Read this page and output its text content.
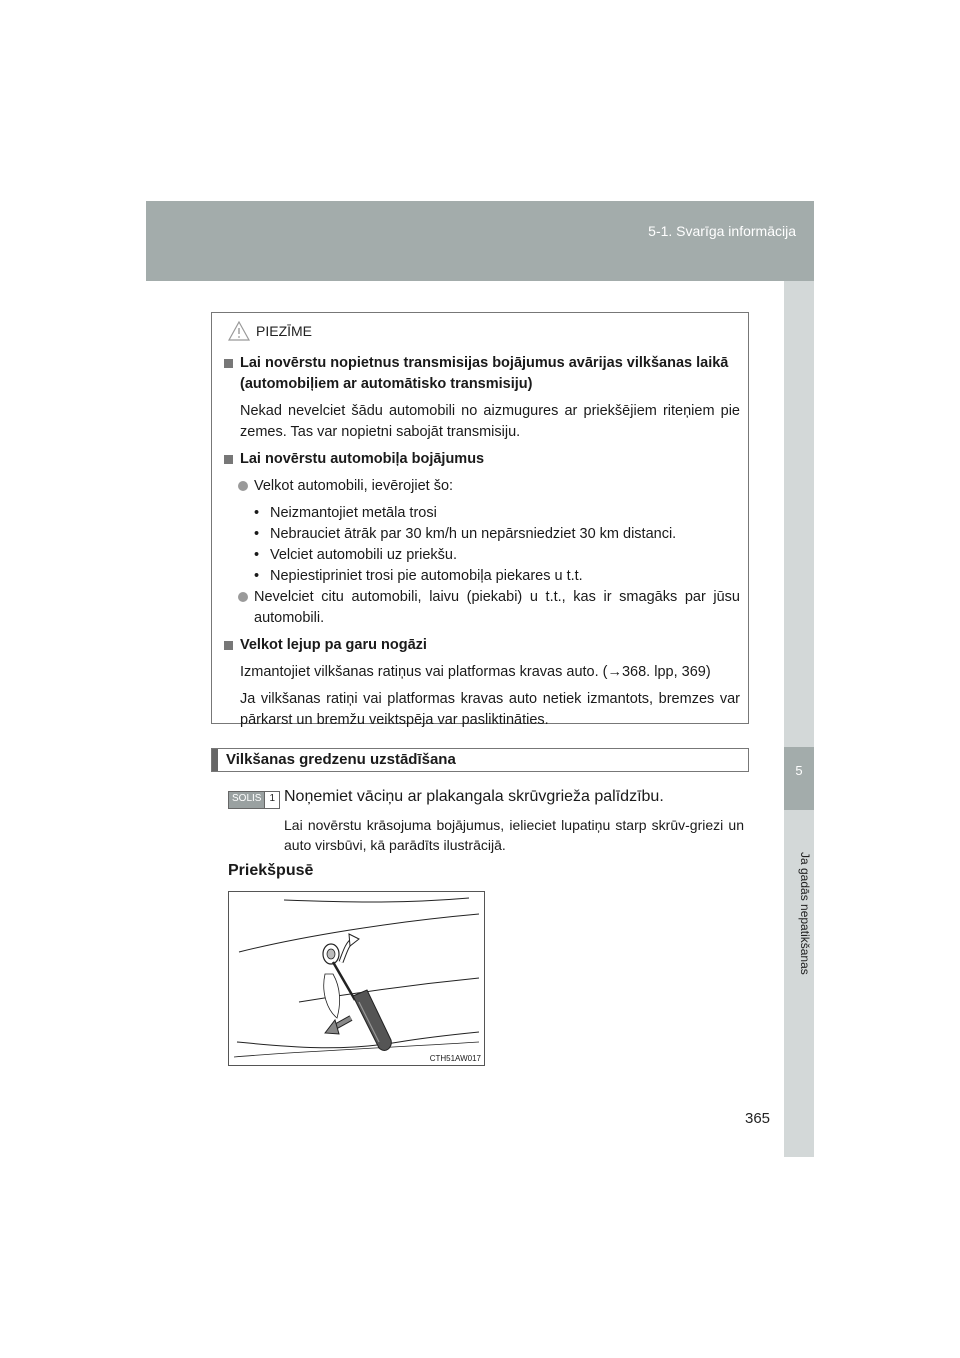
5-1. Svarīga informācija
5
Ja gadās nepatikšanas
PIEZĪME
Lai novērstu nopietnus transmisijas bojājumus avārijas vilkšanas laikā (automobiļiem ar automātisko transmisiju)
Nekad nevelciet šādu automobili no aizmugures ar priekšējiem riteņiem pie zemes. Tas var nopietni sabojāt transmisiju.
Lai novērstu automobiļa bojājumus
Velkot automobili, ievērojiet šo:
• Neizmantojiet metāla trosi
• Nebrauciet ātrāk par 30 km/h un nepārsniedziet 30 km distanci.
• Velciet automobili uz priekšu.
• Nepiestipriniet trosi pie automobiļa piekares u t.t.
Nevelciet citu automobili, laivu (piekabi) u t.t., kas ir smagāks par jūsu automobili.
Velkot lejup pa garu nogāzi
Izmantojiet vilkšanas ratiņus vai platformas kravas auto. (→368. lpp, 369)
Ja vilkšanas ratiņi vai platformas kravas auto netiek izmantots, bremzes var pārkarst un bremžu veiktspēja var pasliktināties.
Vilkšanas gredzenu uzstādīšana
SOLIS 1 Noņemiet vāciņu ar plakangala skrūvgrieža palīdzību.
Lai novērstu krāsojuma bojājumus, ielieciet lupatiņu starp skrūv-griezi un auto virsbūvi, kā parādīts ilustrācijā.
Priekšpusē
CTH51AW017
365
